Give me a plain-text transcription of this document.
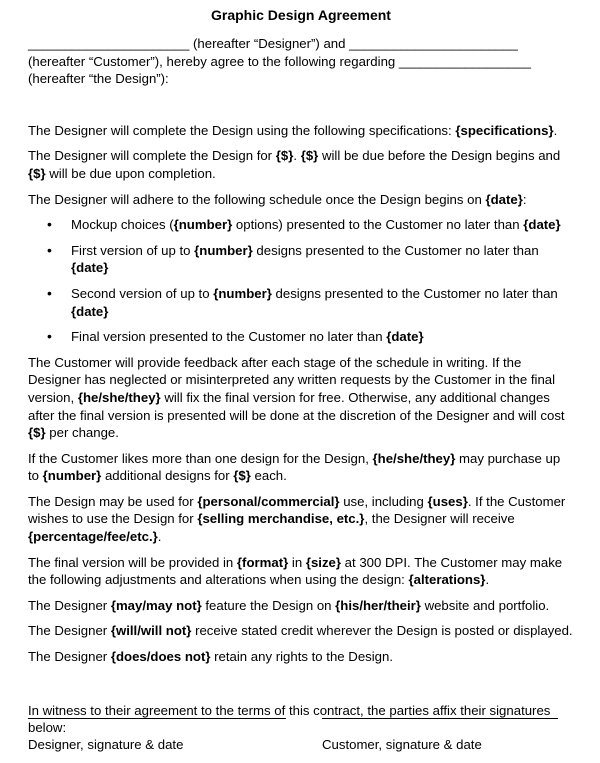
Graphic Design Agreement

______________________ (hereafter “Designer”) and _______________________ (hereafter “Customer”), hereby agree to the following regarding __________________ (hereafter “the Design”):

The Designer will complete the Design using the following specifications: {specifications}.

The Designer will complete the Design for {$}. {$} will be due before the Design begins and {$} will be due upon completion.

The Designer will adhere to the following schedule once the Design begins on {date}:

• Mockup choices ({number} options) presented to the Customer no later than {date}
• First version of up to {number} designs presented to the Customer no later than {date}
• Second version of up to {number} designs presented to the Customer no later than {date}
• Final version presented to the Customer no later than {date}

The Customer will provide feedback after each stage of the schedule in writing. If the Designer has neglected or misinterpreted any written requests by the Customer in the final version, {he/she/they} will fix the final version for free. Otherwise, any additional changes after the final version is presented will be done at the discretion of the Designer and will cost {$} per change.

If the Customer likes more than one design for the Design, {he/she/they} may purchase up to {number} additional designs for {$} each.

The Design may be used for {personal/commercial} use, including {uses}. If the Customer wishes to use the Design for {selling merchandise, etc.}, the Designer will receive {percentage/fee/etc.}.

The final version will be provided in {format} in {size} at 300 DPI. The Customer may make the following adjustments and alterations when using the design: {alterations}.

The Designer {may/may not} feature the Design on {his/her/their} website and portfolio.

The Designer {will/will not} receive stated credit wherever the Design is posted or displayed.

The Designer {does/does not} retain any rights to the Design.

In witness to their agreement to the terms of this contract, the parties affix their signatures below:

Designer, signature & date	Customer, signature & date
